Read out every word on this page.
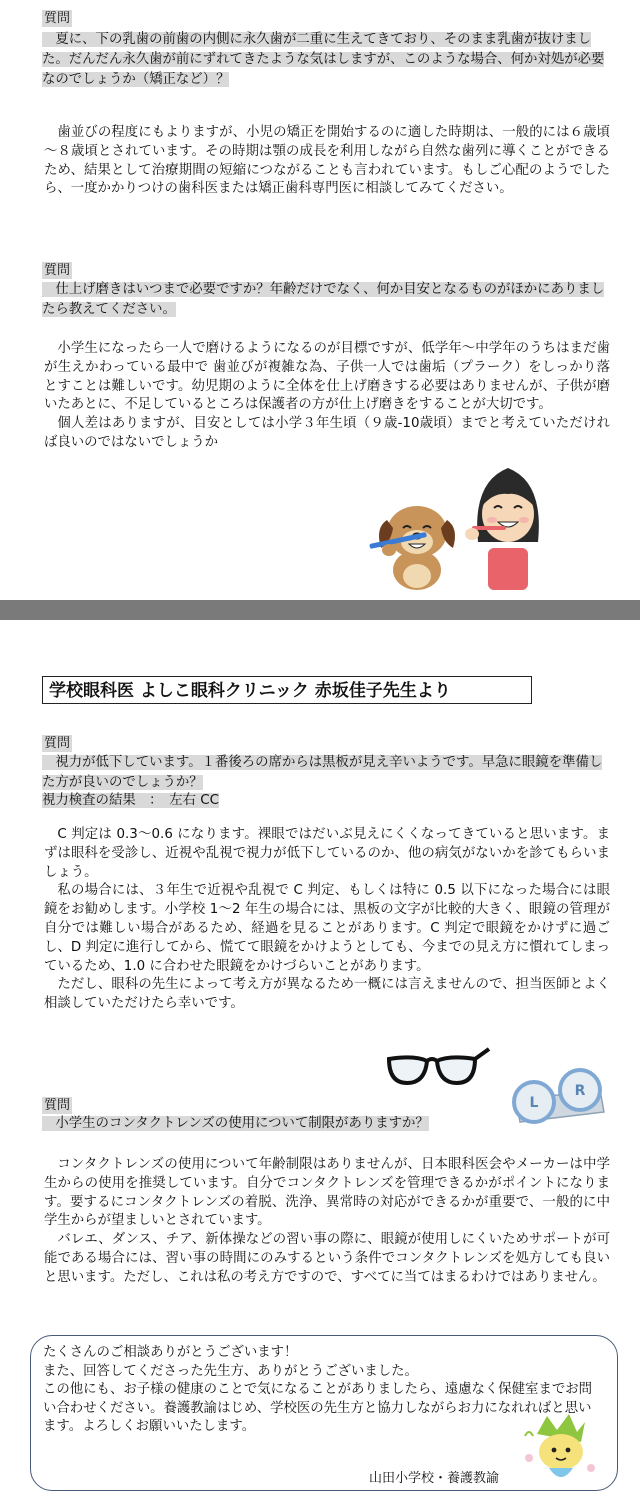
質問
夏に、下の乳歯の前歯の内側に永久歯が二重に生えてきており、そのまま乳歯が抜けました。だんだん永久歯が前にずれてきたような気はしますが、このような場合、何か対処が必要なのでしょうか（矯正など）？
歯並びの程度にもよりますが、小児の矯正を開始するのに適した時期は、一般的には６歳頃～８歳頃とされています。その時期は顎の成長を利用しながら自然な歯列に導くことができるため、結果として治療期間の短縮につながることも言われています。もしご心配のようでしたら、一度かかりつけの歯科医または矯正歯科専門医に相談してみてください。
質問
仕上げ磨きはいつまで必要ですか？年齢だけでなく、何か目安となるものがほかにありましたら教えてください。
小学生になったら一人で磨けるようになるのが目標ですが、低学年～中学年のうちはまだ歯が生えかわっている最中で 歯並びが複雑な為、子供一人では歯垢（プラーク）をしっかり落とすことは難しいです。幼児期のように全体を仕上げ磨きする必要はありませんが、子供が磨いたあとに、不足しているところは保護者の方が仕上げ磨きをすることが大切です。
個人差はありますが、目安としては小学３年生頃（９歳-10歳頃）までと考えていただければ良いのではないでしょうか
学校眼科医 よしこ眼科クリニック 赤坂佳子先生より
質問
視力が低下しています。１番後ろの席からは黒板が見え辛いようです。早急に眼鏡を準備した方が良いのでしょうか？
視力検査の結果　：　左右 CC
C 判定は 0.3～0.6 になります。裸眼ではだいぶ見えにくくなってきていると思います。まずは眼科を受診し、近視や乱視で視力が低下しているのか、他の病気がないかを診てもらいましょう。
私の場合には、３年生で近視や乱視で C 判定、もしくは特に 0.5 以下になった場合には眼鏡をお勧めします。小学校 1～2 年生の場合には、黒板の文字が比較的大きく、眼鏡の管理が自分では難しい場合があるため、経過を見ることがあります。C 判定で眼鏡をかけずに過ごし、D 判定に進行してから、慌てて眼鏡をかけようとしても、今までの見え方に慣れてしまっているため、1.0 に合わせた眼鏡をかけづらいことがあります。
ただし、眼科の先生によって考え方が異なるため一概には言えませんので、担当医師とよく相談していただけたら幸いです。
L
R
質問
小学生のコンタクトレンズの使用について制限がありますか？
コンタクトレンズの使用について年齢制限はありませんが、日本眼科医会やメーカーは中学生からの使用を推奨しています。自分でコンタクトレンズを管理できるかがポイントになります。要するにコンタクトレンズの着脱、洗浄、異常時の対応ができるかが重要で、一般的に中学生からが望ましいとされています。
バレエ、ダンス、チア、新体操などの習い事の際に、眼鏡が使用しにくいためサポートが可能である場合には、習い事の時間にのみするという条件でコンタクトレンズを処方しても良いと思います。ただし、これは私の考え方ですので、すべてに当てはまるわけではありません。
たくさんのご相談ありがとうございます！
また、回答してくださった先生方、ありがとうございました。
この他にも、お子様の健康のことで気になることがありましたら、遠慮なく保健室までお問い合わせください。養護教諭はじめ、学校医の先生方と協力しながらお力になれればと思います。よろしくお願いいたします。
山田小学校・養護教諭
